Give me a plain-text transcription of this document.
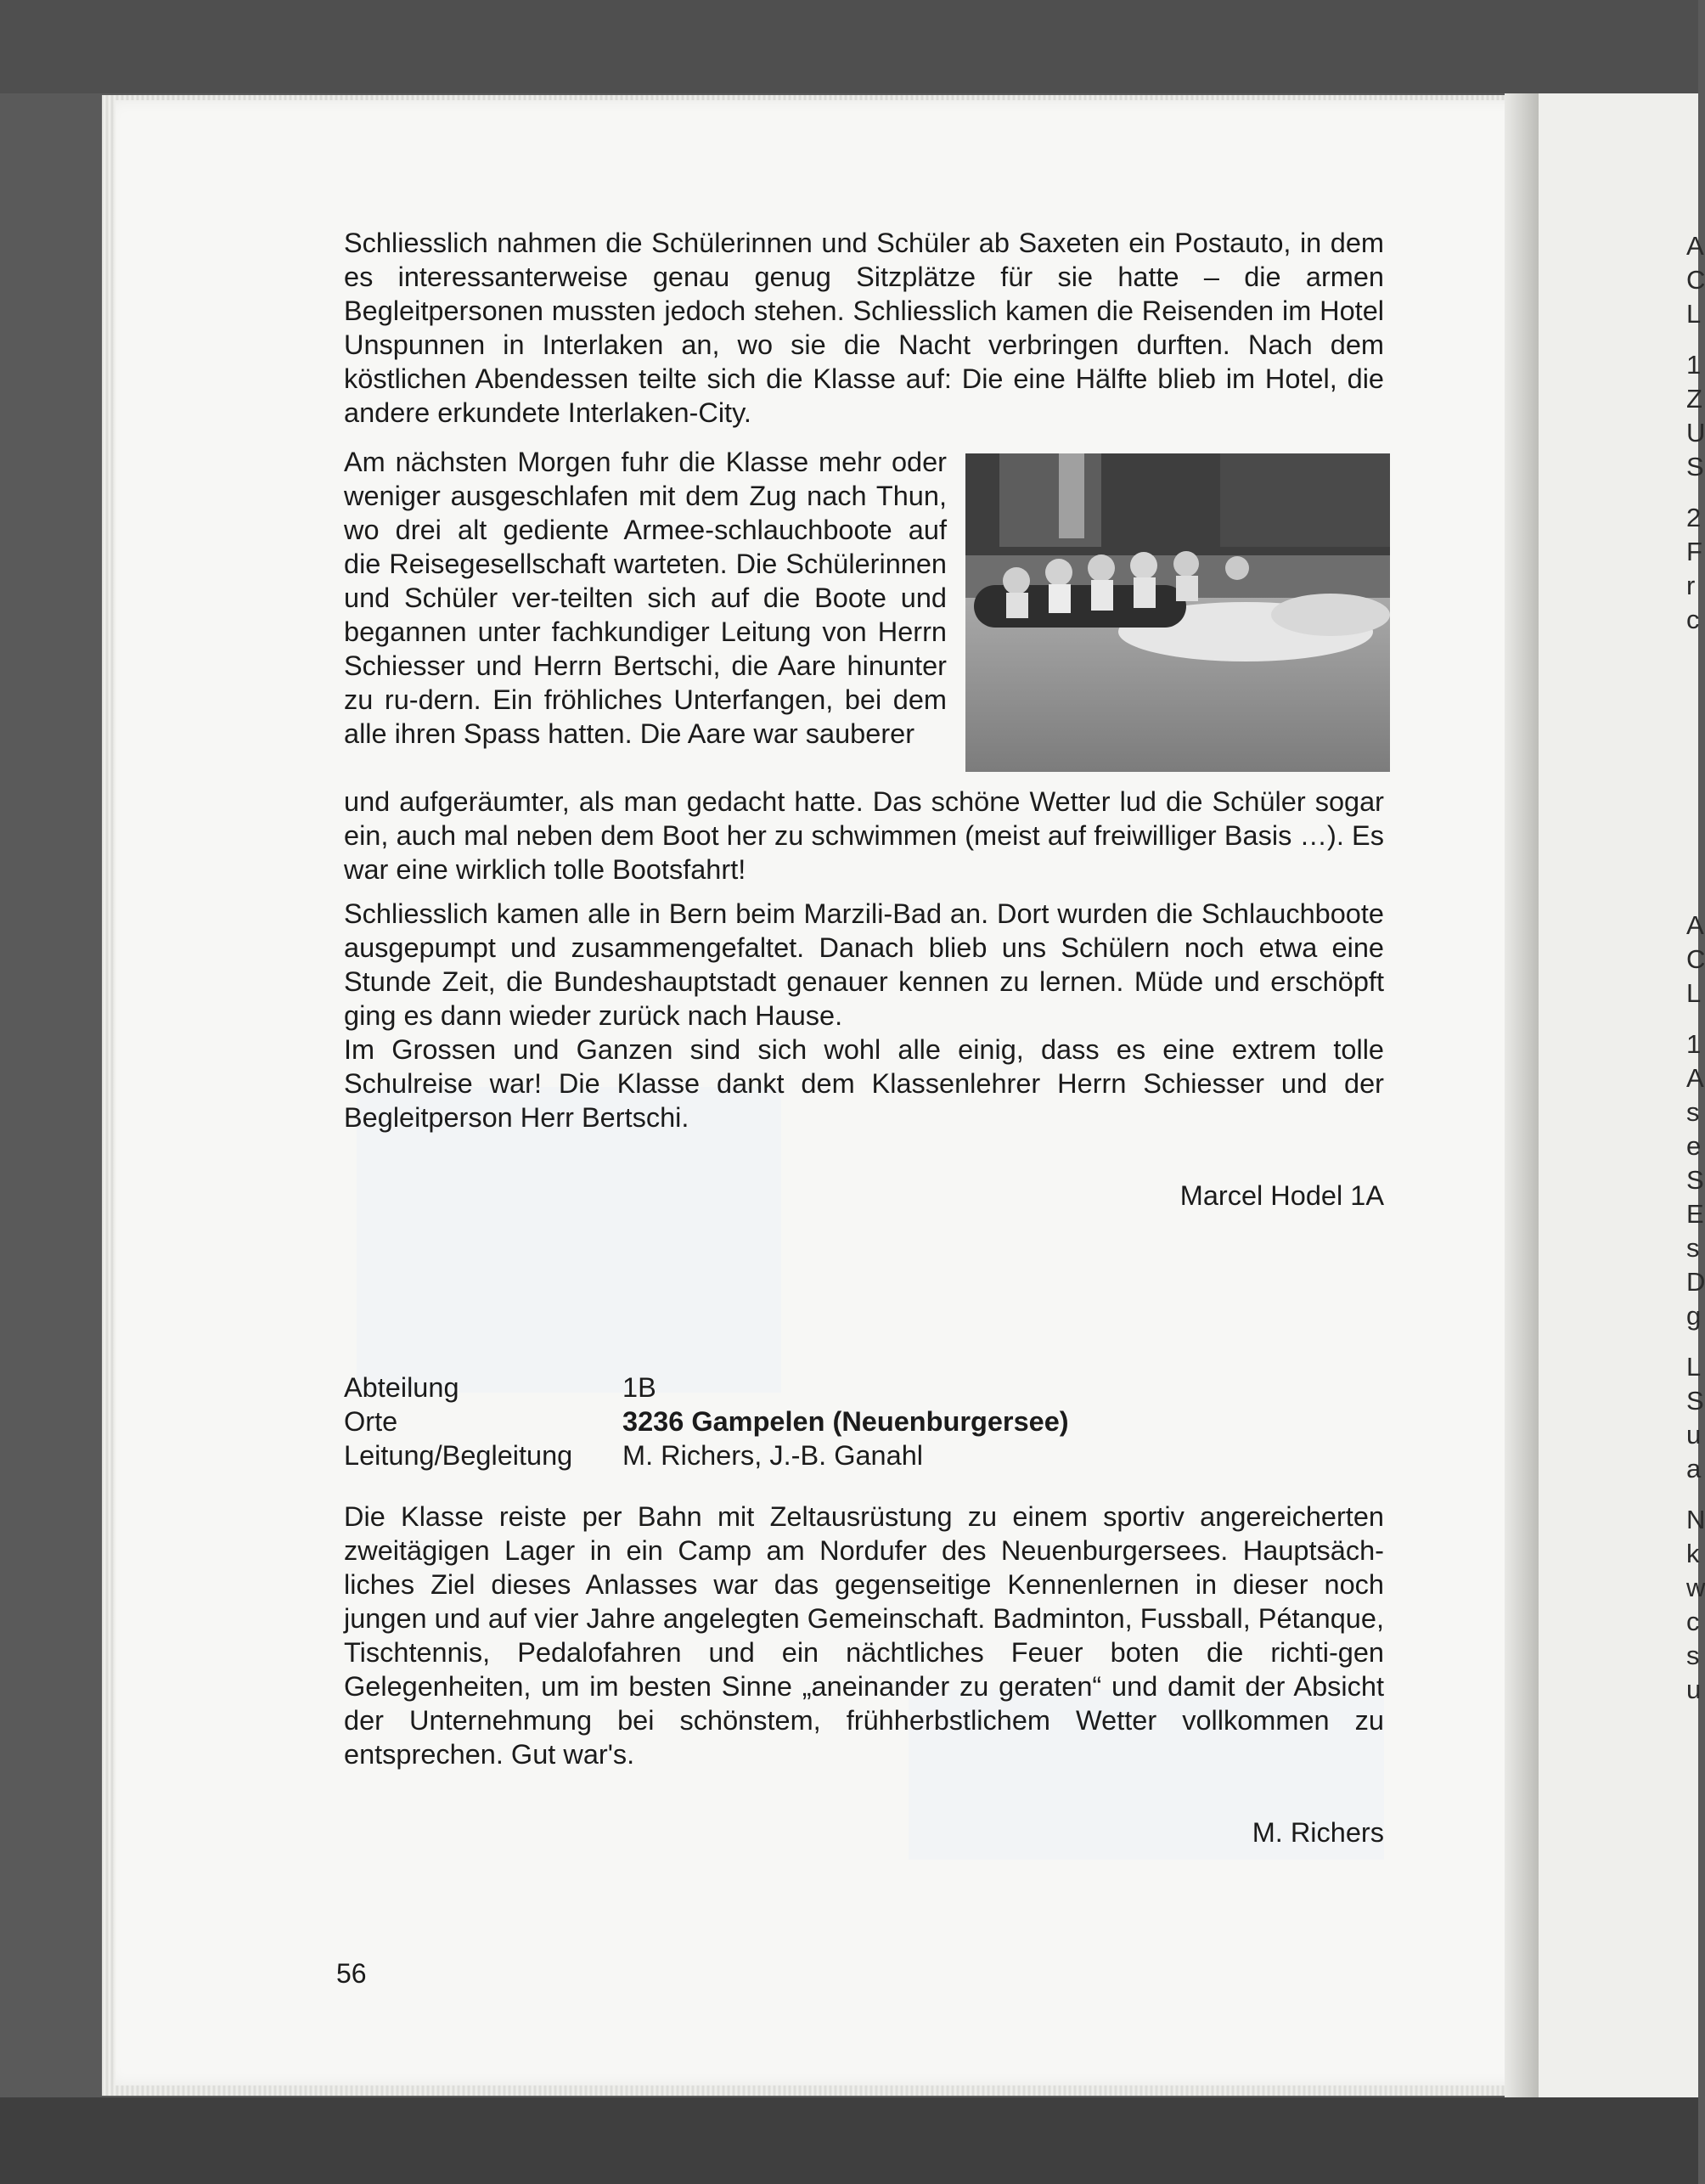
A
C
L
1
Z
U
S
2
F
r
c
A
C
L
1
A
s
e
S
E
s
D
g
L
S
u
a
N
k
w
c
s
u

Schliesslich nahmen die Schülerinnen und Schüler ab Saxeten ein Postauto, in dem es interessanterweise genau genug Sitzplätze für sie hatte – die armen Begleitpersonen mussten jedoch stehen. Schliesslich kamen die Reisenden im Hotel Unspunnen in Interlaken an, wo sie die Nacht verbringen durften. Nach dem köstlichen Abendessen teilte sich die Klasse auf: Die eine Hälfte blieb im Hotel, die andere erkundete Interlaken-City.

Am nächsten Morgen fuhr die Klasse mehr oder weniger ausgeschlafen mit dem Zug nach Thun, wo drei alt gediente Armee-schlauchboote auf die Reisegesellschaft warteten. Die Schülerinnen und Schüler ver-teilten sich auf die Boote und begannen unter fachkundiger Leitung von Herrn Schiesser und Herrn Bertschi, die Aare hinunter zu ru-dern. Ein fröhliches Unterfangen, bei dem alle ihren Spass hatten. Die Aare war sauberer

und aufgeräumter, als man gedacht hatte. Das schöne Wetter lud die Schüler sogar ein, auch mal neben dem Boot her zu schwimmen (meist auf freiwilliger Basis …). Es war eine wirklich tolle Bootsfahrt!

Schliesslich kamen alle in Bern beim Marzili-Bad an. Dort wurden die Schlauchboote ausgepumpt und zusammengefaltet. Danach blieb uns Schülern noch etwa eine Stunde Zeit, die Bundeshauptstadt genauer kennen zu lernen. Müde und erschöpft ging es dann wieder zurück nach Hause.

Im Grossen und Ganzen sind sich wohl alle einig, dass es eine extrem tolle Schulreise war! Die Klasse dankt dem Klassenlehrer Herrn Schiesser und der Begleitperson Herr Bertschi.

Marcel Hodel 1A

Abteilung	1B
Orte	3236 Gampelen (Neuenburgersee)
Leitung/Begleitung M. Richers, J.-B. Ganahl

Die Klasse reiste per Bahn mit Zeltausrüstung zu einem sportiv angereicherten zweitägigen Lager in ein Camp am Nordufer des Neuenburgersees. Hauptsäch-liches Ziel dieses Anlasses war das gegenseitige Kennenlernen in dieser noch jungen und auf vier Jahre angelegten Gemeinschaft. Badminton, Fussball, Pétanque, Tischtennis, Pedalofahren und ein nächtliches Feuer boten die richti-gen Gelegenheiten, um im besten Sinne „aneinander zu geraten“ und damit der Absicht der Unternehmung bei schönstem, frühherbstlichem Wetter vollkommen zu entsprechen. Gut war's.

M. Richers

56
